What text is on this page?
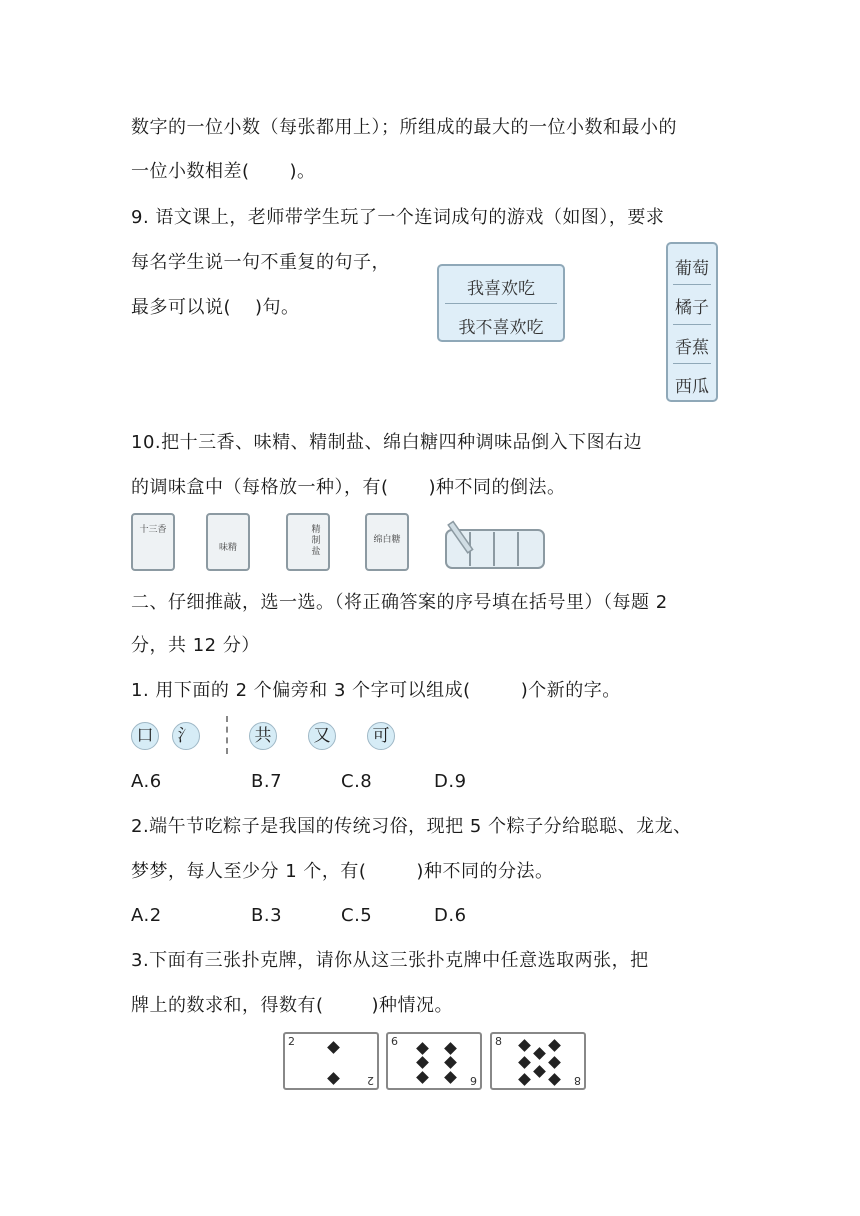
数字的一位小数（每张都用上）；所组成的最大的一位小数和最小的
一位小数相差( )。
9. 语文课上，老师带学生玩了一个连词成句的游戏（如图），要求
每名学生说一句不重复的句子，
最多可以说( )句。
我喜欢吃
我不喜欢吃
葡萄
橘子
香蕉
西瓜
10.把十三香、味精、精制盐、绵白糖四种调味品倒入下图右边
的调味盒中（每格放一种），有( )种不同的倒法。
十三香
味精
精制盐
绵白糖
二、仔细推敲，选一选。（将正确答案的序号填在括号里）（每题 2
分，共 12 分）
1. 用下面的 2 个偏旁和 3 个字可以组成(	)个新的字。
口	氵	共	又	可
A.6	B.7	C.8	D.9
2.端午节吃粽子是我国的传统习俗，现把 5 个粽子分给聪聪、龙龙、
梦梦，每人至少分 1 个，有(	)种不同的分法。
A.2	B.3	C.5	D.6
3.下面有三张扑克牌，请你从这三张扑克牌中任意选取两张，把
牌上的数求和，得数有(	)种情况。
2
2
6
6
8
8
